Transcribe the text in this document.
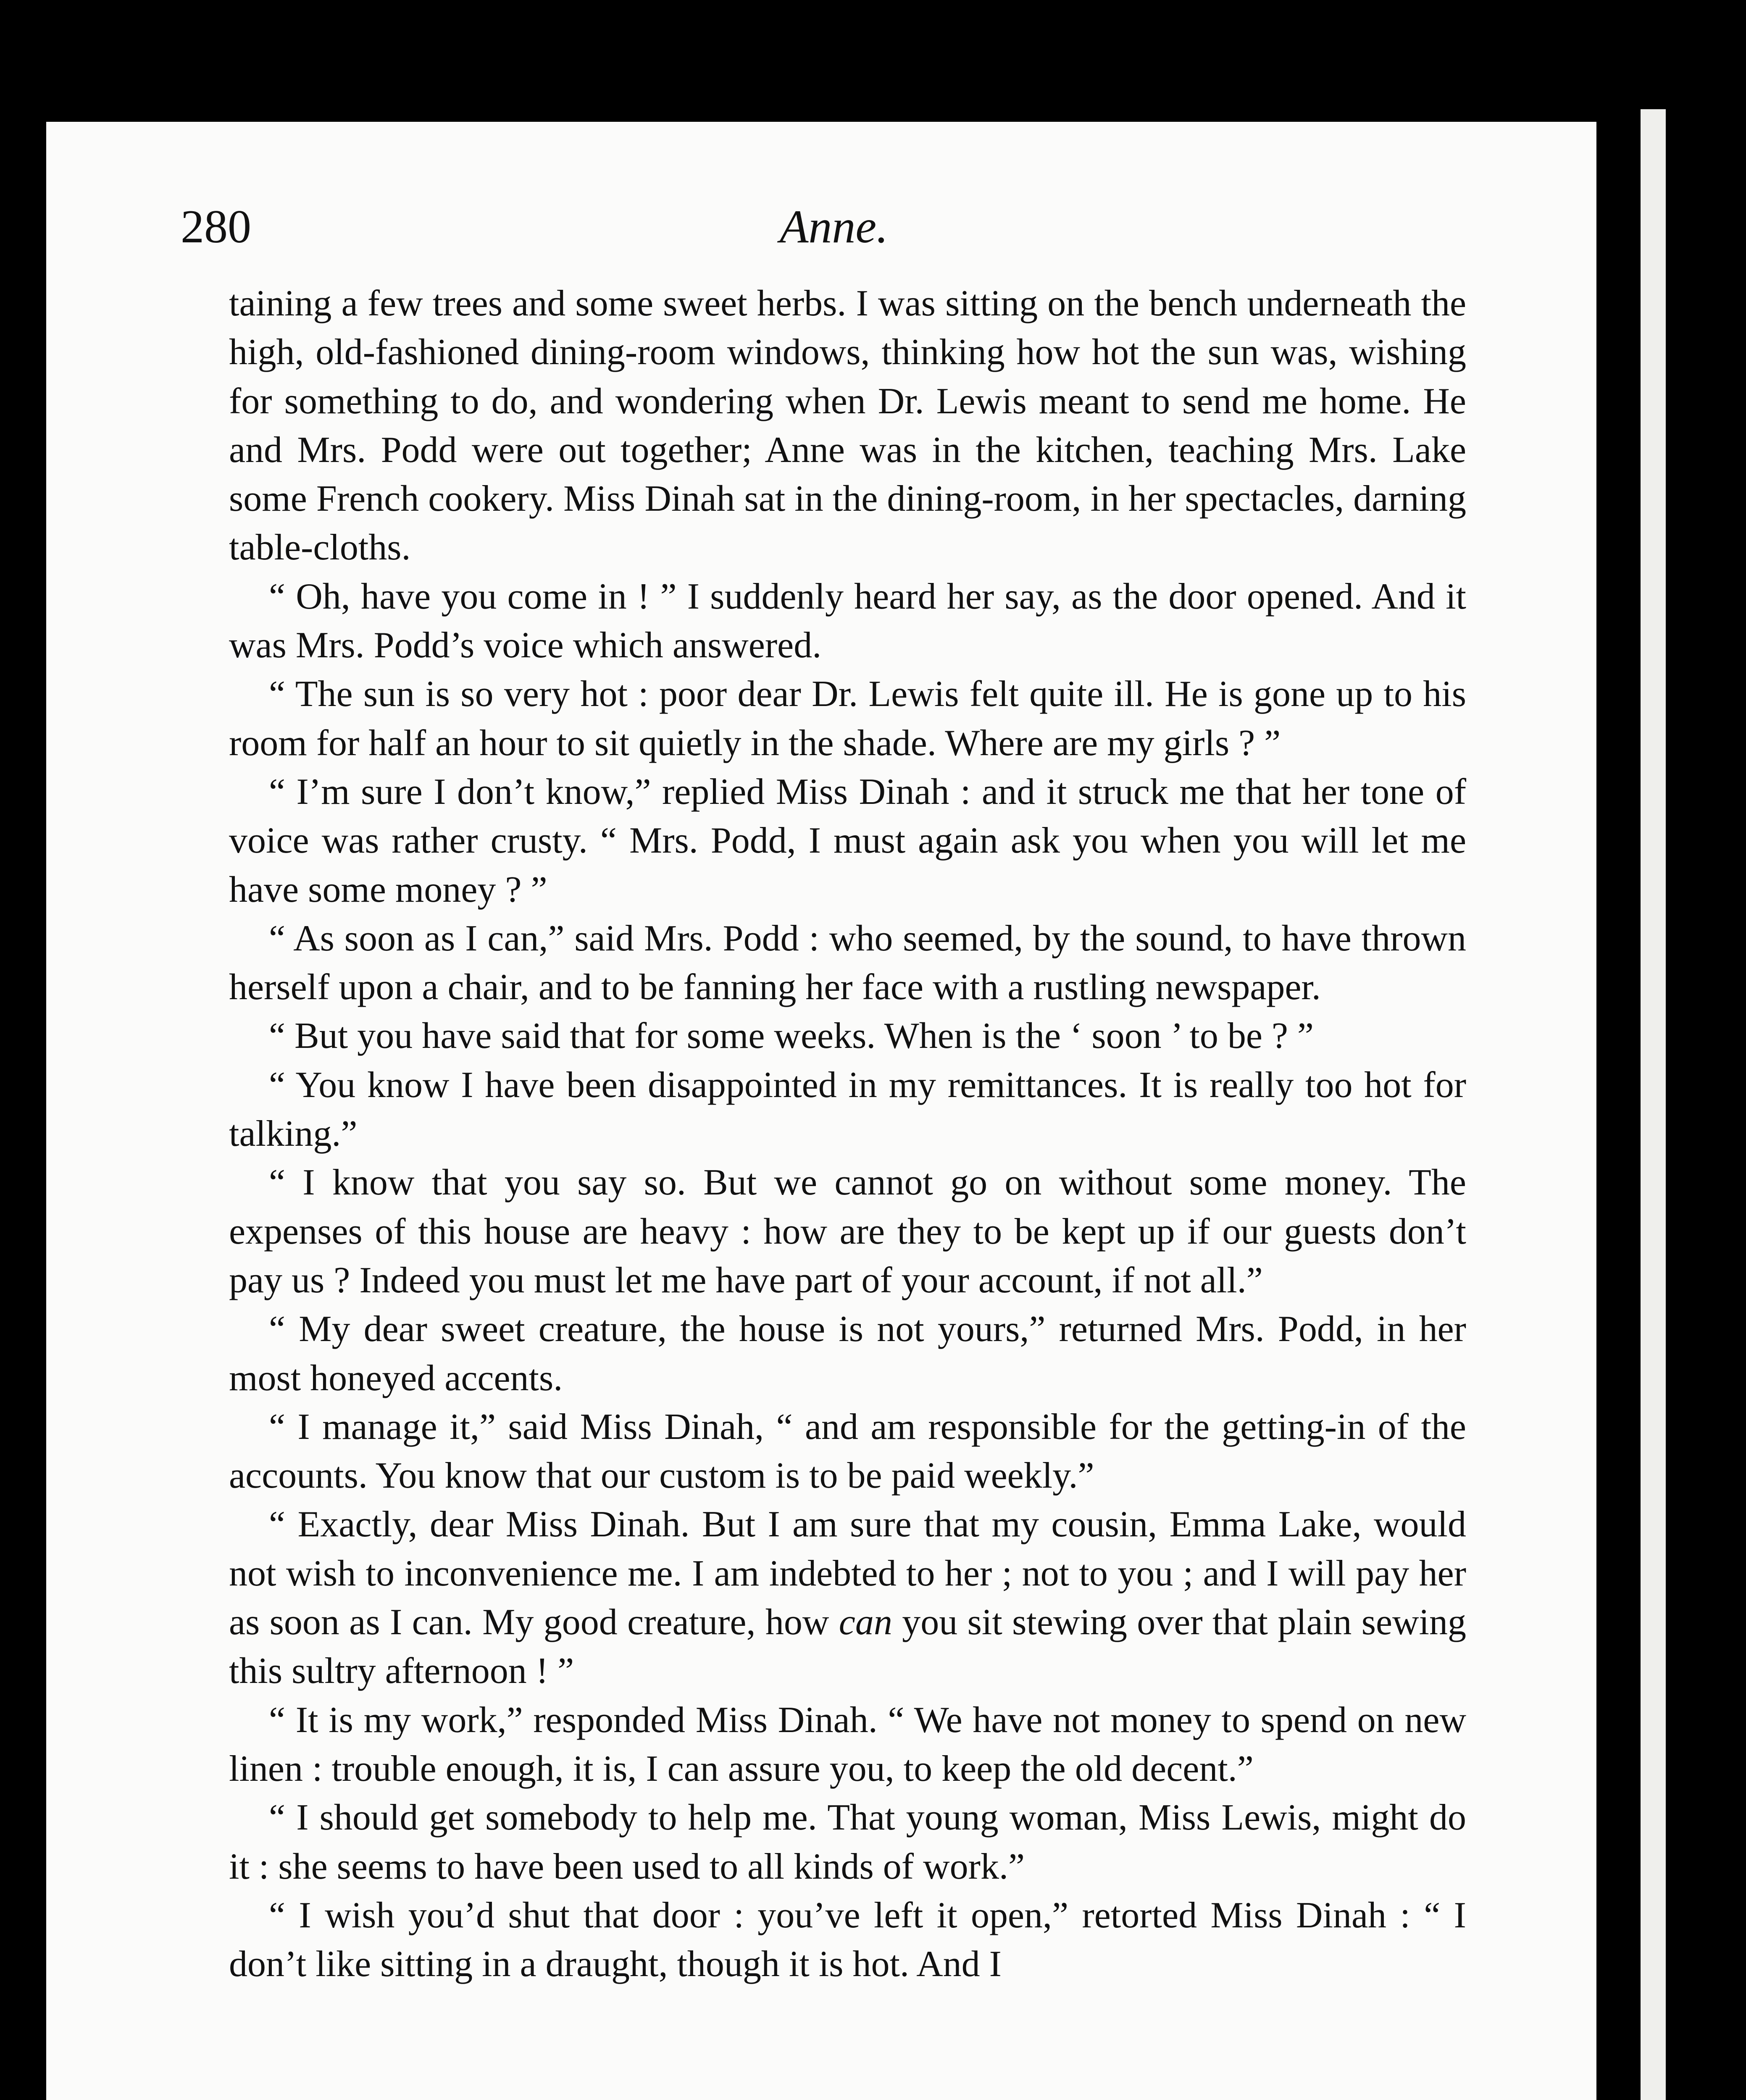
280	Anne.

taining a few trees and some sweet herbs. I was sitting on the bench underneath the high, old-fashioned dining-room windows, thinking how hot the sun was, wishing for something to do, and wondering when Dr. Lewis meant to send me home. He and Mrs. Podd were out together; Anne was in the kitchen, teaching Mrs. Lake some French cookery. Miss Dinah sat in the dining-room, in her spectacles, darning table-cloths.

“ Oh, have you come in ! ” I suddenly heard her say, as the door opened. And it was Mrs. Podd’s voice which answered.

“ The sun is so very hot : poor dear Dr. Lewis felt quite ill. He is gone up to his room for half an hour to sit quietly in the shade. Where are my girls ? ”

“ I’m sure I don’t know,” replied Miss Dinah : and it struck me that her tone of voice was rather crusty. “ Mrs. Podd, I must again ask you when you will let me have some money ? ”

“ As soon as I can,” said Mrs. Podd : who seemed, by the sound, to have thrown herself upon a chair, and to be fanning her face with a rustling newspaper.

“ But you have said that for some weeks. When is the ‘ soon ’ to be ? ”

“ You know I have been disappointed in my remittances. It is really too hot for talking.”

“ I know that you say so. But we cannot go on without some money. The expenses of this house are heavy : how are they to be kept up if our guests don’t pay us ? Indeed you must let me have part of your account, if not all.”

“ My dear sweet creature, the house is not yours,” returned Mrs. Podd, in her most honeyed accents.

“ I manage it,” said Miss Dinah, “ and am responsible for the getting-in of the accounts. You know that our custom is to be paid weekly.”

“ Exactly, dear Miss Dinah. But I am sure that my cousin, Emma Lake, would not wish to inconvenience me. I am indebted to her ; not to you ; and I will pay her as soon as I can. My good creature, how can you sit stewing over that plain sewing this sultry afternoon ! ”

“ It is my work,” responded Miss Dinah. “ We have not money to spend on new linen : trouble enough, it is, I can assure you, to keep the old decent.”

“ I should get somebody to help me. That young woman, Miss Lewis, might do it : she seems to have been used to all kinds of work.”

“ I wish you’d shut that door : you’ve left it open,” retorted Miss Dinah : “ I don’t like sitting in a draught, though it is hot. And I
